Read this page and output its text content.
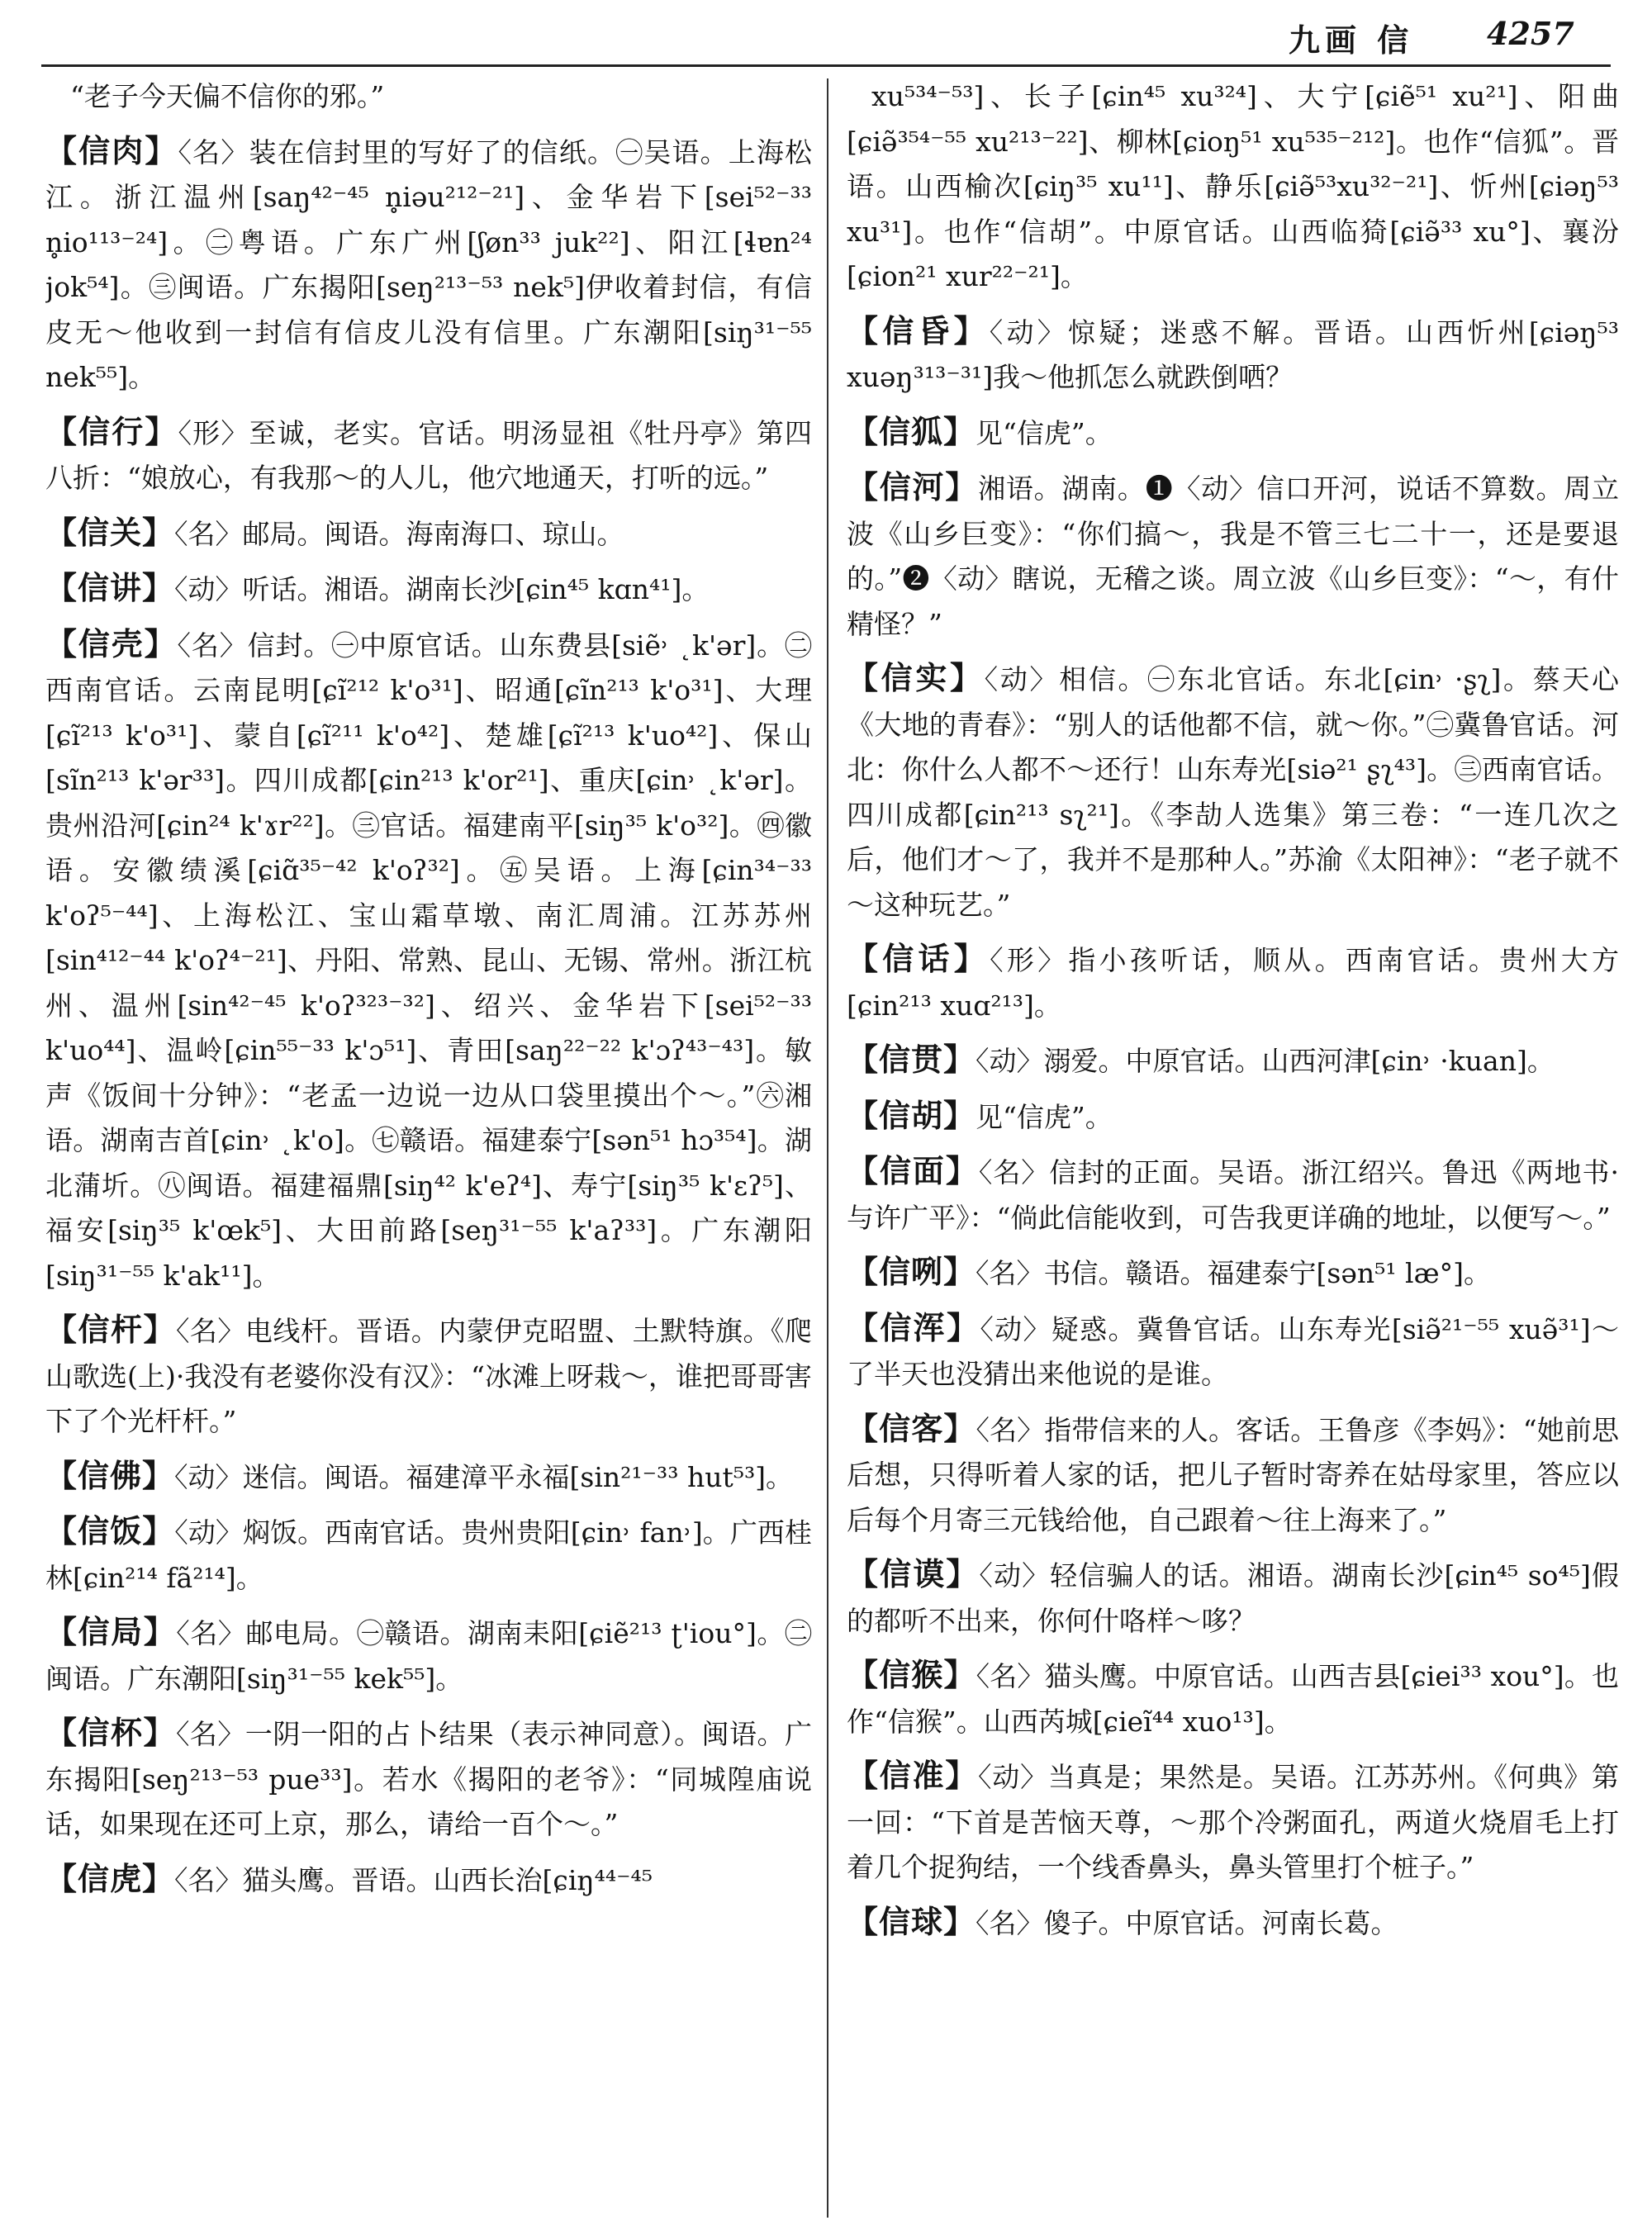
九画 信 4257
“老子今天偏不信你的邪。”
【信肉】〈名〉装在信封里的写好了的信纸。㊀吴语。上海松江。浙江温州[saŋ⁴²⁻⁴⁵ n̥iəu²¹²⁻²¹]、金华岩下[sei⁵²⁻³³ n̥io¹¹³⁻²⁴]。㊁粤语。广东广州[ʃøn³³ juk²²]、阳江[ɬɐn²⁴ jok⁵⁴]。㊂闽语。广东揭阳[seŋ²¹³⁻⁵³ nek⁵]伊收着封信，有信皮无～他收到一封信有信皮儿没有信里。广东潮阳[siŋ³¹⁻⁵⁵ nek⁵⁵]。
【信行】〈形〉至诚，老实。官话。明汤显祖《牡丹亭》第四八折：“娘放心，有我那～的人儿，他穴地通天，打听的远。”
【信关】〈名〉邮局。闽语。海南海口、琼山。
【信讲】〈动〉听话。湘语。湖南长沙[ɕin⁴⁵ kɑn⁴¹]。
【信壳】〈名〉信封。㊀中原官话。山东费县[siẽ˒ ˛k'ər]。㊁西南官话。云南昆明[ɕĩ²¹² k'o³¹]、昭通[ɕĩn²¹³ k'o³¹]、大理[ɕĩ²¹³ k'o³¹]、蒙自[ɕĩ²¹¹ k'o⁴²]、楚雄[ɕĩ²¹³ k'uo⁴²]、保山[sĩn²¹³ k'ər³³]。四川成都[ɕin²¹³ k'or²¹]、重庆[ɕin˒ ˛k'ər]。贵州沿河[ɕin²⁴ k'ɤr²²]。㊂官话。福建南平[siŋ³⁵ k'o³²]。㊃徽语。安徽绩溪[ɕiɑ̃³⁵⁻⁴² k'oʔ³²]。㊄吴语。上海[ɕin³⁴⁻³³ k'oʔ⁵⁻⁴⁴]、上海松江、宝山霜草墩、南汇周浦。江苏苏州[sin⁴¹²⁻⁴⁴ k'oʔ⁴⁻²¹]、丹阳、常熟、昆山、无锡、常州。浙江杭州、温州[sin⁴²⁻⁴⁵ k'oʔ³²³⁻³²]、绍兴、金华岩下[sei⁵²⁻³³ k'uo⁴⁴]、温岭[ɕin⁵⁵⁻³³ k'ɔ⁵¹]、青田[saŋ²²⁻²² k'ɔʔ⁴³⁻⁴³]。敏声《饭间十分钟》：“老孟一边说一边从口袋里摸出个～。”㊅湘语。湖南吉首[ɕin˒ ˛k'o]。㊆赣语。福建泰宁[sən⁵¹ hɔ³⁵⁴]。湖北蒲圻。㊇闽语。福建福鼎[siŋ⁴² k'eʔ⁴]、寿宁[siŋ³⁵ k'ɛʔ⁵]、福安[siŋ³⁵ k'œk⁵]、大田前路[seŋ³¹⁻⁵⁵ k'aʔ³³]。广东潮阳[siŋ³¹⁻⁵⁵ k'ak¹¹]。
【信杆】〈名〉电线杆。晋语。内蒙伊克昭盟、土默特旗。《爬山歌选(上)·我没有老婆你没有汉》：“冰滩上呀栽～，谁把哥哥害下了个光杆杆。”
【信佛】〈动〉迷信。闽语。福建漳平永福[sin²¹⁻³³ hut⁵³]。
【信饭】〈动〉焖饭。西南官话。贵州贵阳[ɕin˒ fan˒]。广西桂林[ɕin²¹⁴ fã²¹⁴]。
【信局】〈名〉邮电局。㊀赣语。湖南耒阳[ɕiẽ²¹³ ʈ'iou°]。㊁闽语。广东潮阳[siŋ³¹⁻⁵⁵ kek⁵⁵]。
【信杯】〈名〉一阴一阳的占卜结果（表示神同意）。闽语。广东揭阳[seŋ²¹³⁻⁵³ pue³³]。若水《揭阳的老爷》：“同城隍庙说话，如果现在还可上京，那么，请给一百个～。”
【信虎】〈名〉猫头鹰。晋语。山西长治[ɕiŋ⁴⁴⁻⁴⁵
xu⁵³⁴⁻⁵³]、长子[ɕin⁴⁵ xu³²⁴]、大宁[ɕiẽ⁵¹ xu²¹]、阳曲[ɕiə̃³⁵⁴⁻⁵⁵ xu²¹³⁻²²]、柳林[ɕioŋ⁵¹ xu⁵³⁵⁻²¹²]。也作“信狐”。晋语。山西榆次[ɕiŋ³⁵ xu¹¹]、静乐[ɕiə̃⁵³xu³²⁻²¹]、忻州[ɕiəŋ⁵³ xu³¹]。也作“信胡”。中原官话。山西临猗[ɕiə̃³³ xu°]、襄汾[ɕion²¹ xur²²⁻²¹]。
【信昏】〈动〉惊疑；迷惑不解。晋语。山西忻州[ɕiəŋ⁵³ xuəŋ³¹³⁻³¹]我～他抓怎么就跌倒哂？
【信狐】见“信虎”。
【信河】湘语。湖南。❶〈动〉信口开河，说话不算数。周立波《山乡巨变》：“你们搞～，我是不管三七二十一，还是要退的。”❷〈动〉瞎说，无稽之谈。周立波《山乡巨变》：“～，有什精怪？”
【信实】〈动〉相信。㊀东北官话。东北[ɕin˒ ·ʂʅ]。蔡天心《大地的青春》：“别人的话他都不信，就～你。”㊁冀鲁官话。河北：你什么人都不～还行！山东寿光[siə²¹ ʂʅ⁴³]。㊂西南官话。四川成都[ɕin²¹³ sʅ²¹]。《李劼人选集》第三卷：“一连几次之后，他们才～了，我并不是那种人。”苏渝《太阳神》：“老子就不～这种玩艺。”
【信话】〈形〉指小孩听话，顺从。西南官话。贵州大方[ɕin²¹³ xuɑ²¹³]。
【信贯】〈动〉溺爱。中原官话。山西河津[ɕin˒ ·kuan]。
【信胡】见“信虎”。
【信面】〈名〉信封的正面。吴语。浙江绍兴。鲁迅《两地书·与许广平》：“倘此信能收到，可告我更详确的地址，以便写～。”
【信咧】〈名〉书信。赣语。福建泰宁[sən⁵¹ læ°]。
【信浑】〈动〉疑惑。冀鲁官话。山东寿光[siə̃²¹⁻⁵⁵ xuə̃³¹]～了半天也没猜出来他说的是谁。
【信客】〈名〉指带信来的人。客话。王鲁彦《李妈》：“她前思后想，只得听着人家的话，把儿子暂时寄养在姑母家里，答应以后每个月寄三元钱给他，自己跟着～往上海来了。”
【信谟】〈动〉轻信骗人的话。湘语。湖南长沙[ɕin⁴⁵ so⁴⁵]假的都听不出来，你何什咯样～哆？
【信猴】〈名〉猫头鹰。中原官话。山西吉县[ɕiei³³ xou°]。也作“信猴”。山西芮城[ɕieĩ⁴⁴ xuo¹³]。
【信准】〈动〉当真是；果然是。吴语。江苏苏州。《何典》第一回：“下首是苦恼天尊，～那个冷粥面孔，两道火烧眉毛上打着几个捉狗结，一个线香鼻头，鼻头管里打个桩子。”
【信球】〈名〉傻子。中原官话。河南长葛。
